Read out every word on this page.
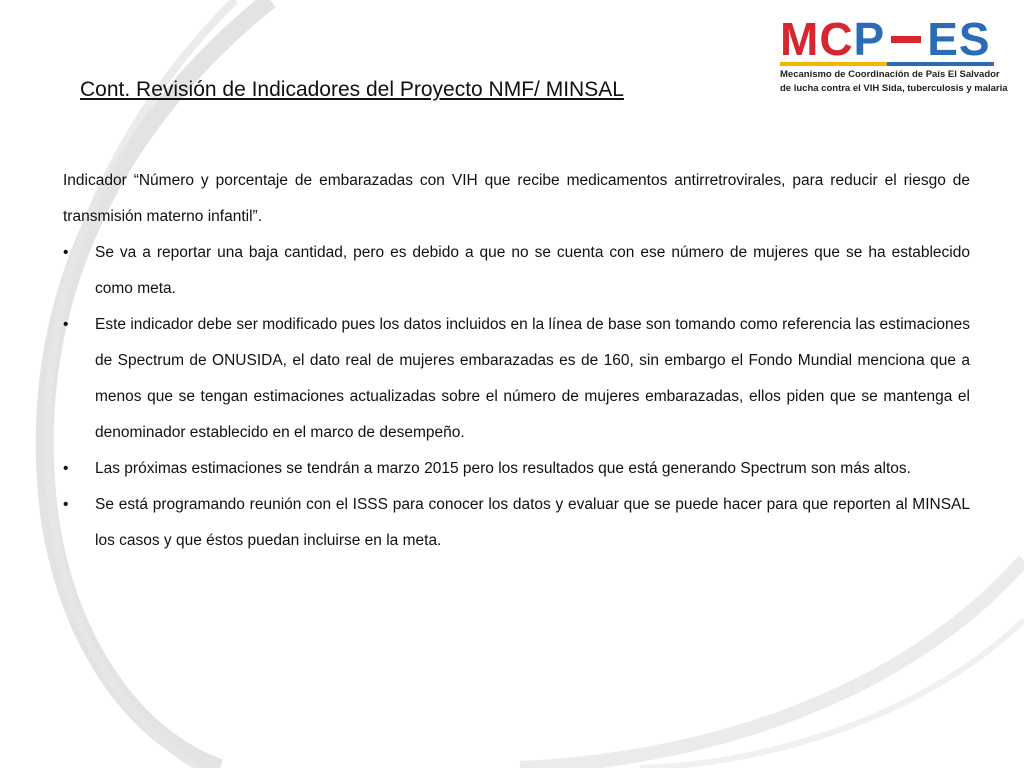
MC P ES
Mecanismo de Coordinación de País El Salvador
de lucha contra el VIH Sida, tuberculosis y malaria
Cont. Revisión de Indicadores del Proyecto NMF/ MINSAL

Indicador “Número y porcentaje de embarazadas con VIH que recibe medicamentos antirretrovirales, para reducir el riesgo de transmisión materno infantil”.

• Se va a reportar una baja cantidad, pero es debido a que no se cuenta con ese número de mujeres que se ha establecido como meta.
• Este indicador debe ser modificado pues los datos incluidos en la línea de base son tomando como referencia las estimaciones de Spectrum de ONUSIDA, el dato real de mujeres embarazadas es de 160, sin embargo el Fondo Mundial menciona que a menos que se tengan estimaciones actualizadas sobre el número de mujeres embarazadas, ellos piden que se mantenga el denominador establecido en el marco de desempeño.
• Las próximas estimaciones se tendrán a marzo 2015 pero los resultados que está generando Spectrum son más altos.
• Se está programando reunión con el ISSS para conocer los datos y evaluar que se puede hacer para que reporten al MINSAL los casos y que éstos puedan incluirse en la meta.
